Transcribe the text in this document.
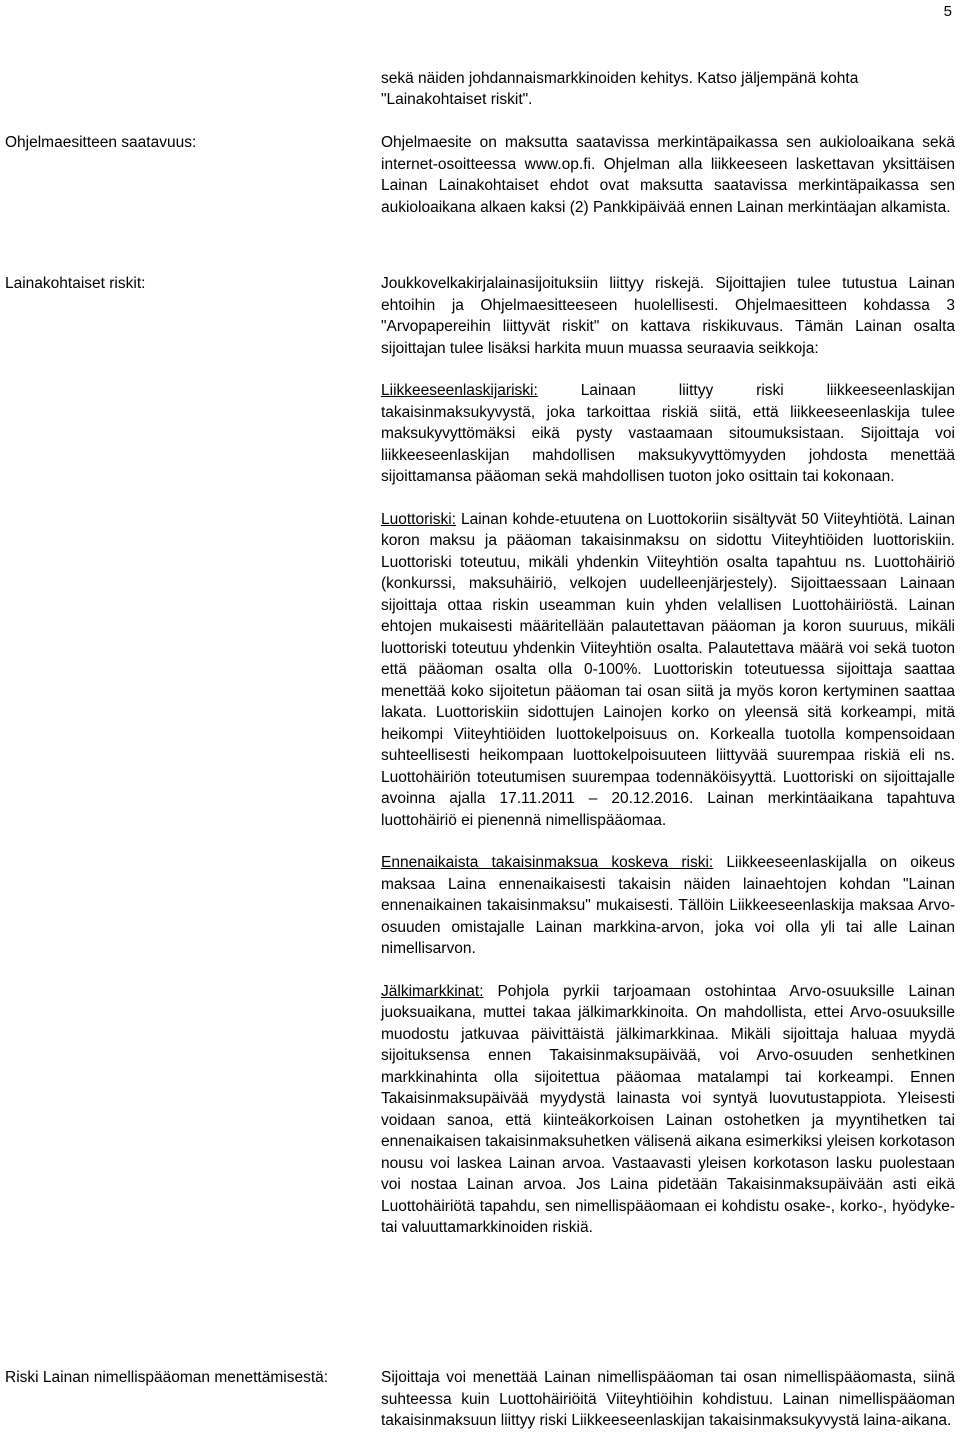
5
sekä näiden johdannaismarkkinoiden kehitys. Katso jäljempänä kohta "Lainakohtaiset riskit".
Ohjelmaesitteen saatavuus:	Ohjelmaesite on maksutta saatavissa merkintäpaikassa sen aukioloaikana sekä internet-osoitteessa www.op.fi. Ohjelman alla liikkeeseen laskettavan yksittäisen Lainan Lainakohtaiset ehdot ovat maksutta saatavissa merkintäpaikassa sen aukioloaikana alkaen kaksi (2) Pankkipäivää ennen Lainan merkintäajan alkamista.

Lainakohtaiset riskit:	Joukkovelkakirjalainasijoituksiin liittyy riskejä. Sijoittajien tulee tutustua Lainan ehtoihin ja Ohjelmaesitteeseen huolellisesti. Ohjelmaesitteen kohdassa 3 "Arvopapereihin liittyvät riskit" on kattava riskikuvaus. Tämän Lainan osalta sijoittajan tulee lisäksi harkita muun muassa seuraavia seikkoja:

Liikkeeseenlaskijariski: Lainaan liittyy riski liikkeeseenlaskijan takaisinmaksukyvystä, joka tarkoittaa riskiä siitä, että liikkeeseenlaskija tulee maksukyvyttömäksi eikä pysty vastaamaan sitoumuksistaan. Sijoittaja voi liikkeeseenlaskijan mahdollisen maksukyvyttömyyden johdosta menettää sijoittamansa pääoman sekä mahdollisen tuoton joko osittain tai kokonaan.

Luottoriski: Lainan kohde-etuutena on Luottokoriin sisältyvät 50 Viiteyhtiötä. Lainan koron maksu ja pääoman takaisinmaksu on sidottu Viiteyhtiöiden luottoriskiin. Luottoriski toteutuu, mikäli yhdenkin Viiteyhtiön osalta tapahtuu ns. Luottohäiriö (konkurssi, maksuhäiriö, velkojen uudelleenjärjestely). Sijoittaessaan Lainaan sijoittaja ottaa riskin useamman kuin yhden velallisen Luottohäiriöstä. Lainan ehtojen mukaisesti määritellään palautettavan pääoman ja koron suuruus, mikäli luottoriski toteutuu yhdenkin Viiteyhtiön osalta. Palautettava määrä voi sekä tuoton että pääoman osalta olla 0-100%. Luottoriskin toteutuessa sijoittaja saattaa menettää koko sijoitetun pääoman tai osan siitä ja myös koron kertyminen saattaa lakata. Luottoriskiin sidottujen Lainojen korko on yleensä sitä korkeampi, mitä heikompi Viiteyhtiöiden luottokelpoisuus on. Korkealla tuotolla kompensoidaan suhteellisesti heikompaan luottokelpoisuuteen liittyvää suurempaa riskiä eli ns. Luottohäiriön toteutumisen suurempaa todennäköisyyttä. Luottoriski on sijoittajalle avoinna ajalla 17.11.2011 – 20.12.2016. Lainan merkintäaikana tapahtuva luottohäiriö ei pienennä nimellispääomaa.

Ennenaikaista takaisinmaksua koskeva riski: Liikkeeseenlaskijalla on oikeus maksaa Laina ennenaikaisesti takaisin näiden lainaehtojen kohdan "Lainan ennenaikainen takaisinmaksu" mukaisesti. Tällöin Liikkeeseenlaskija maksaa Arvo-osuuden omistajalle Lainan markkina-arvon, joka voi olla yli tai alle Lainan nimellisarvon.

Jälkimarkkinat: Pohjola pyrkii tarjoamaan ostohintaa Arvo-osuuksille Lainan juoksuaikana, muttei takaa jälkimarkkinoita. On mahdollista, ettei Arvo-osuuksille muodostu jatkuvaa päivittäistä jälkimarkkinaa. Mikäli sijoittaja haluaa myydä sijoituksensa ennen Takaisinmaksupäivää, voi Arvo-osuuden senhetkinen markkinahinta olla sijoitettua pääomaa matalampi tai korkeampi. Ennen Takaisinmaksupäivää myydystä lainasta voi syntyä luovutustappiota. Yleisesti voidaan sanoa, että kiinteäkorkoisen Lainan ostohetken ja myyntihetken tai ennenaikaisen takaisinmaksuhetken välisenä aikana esimerkiksi yleisen korkotason nousu voi laskea Lainan arvoa. Vastaavasti yleisen korkotason lasku puolestaan voi nostaa Lainan arvoa. Jos Laina pidetään Takaisinmaksupäivään asti eikä Luottohäiriötä tapahdu, sen nimellispääomaan ei kohdistu osake-, korko-, hyödyke- tai valuuttamarkkinoiden riskiä.

Riski Lainan nimellispääoman menettämisestä:	Sijoittaja voi menettää Lainan nimellispääoman tai osan nimellispääomasta, siinä suhteessa kuin Luottohäiriöitä Viiteyhtiöihin kohdistuu. Lainan nimellispääoman takaisinmaksuun liittyy riski Liikkeeseenlaskijan takaisinmaksukyvystä laina-aikana.
